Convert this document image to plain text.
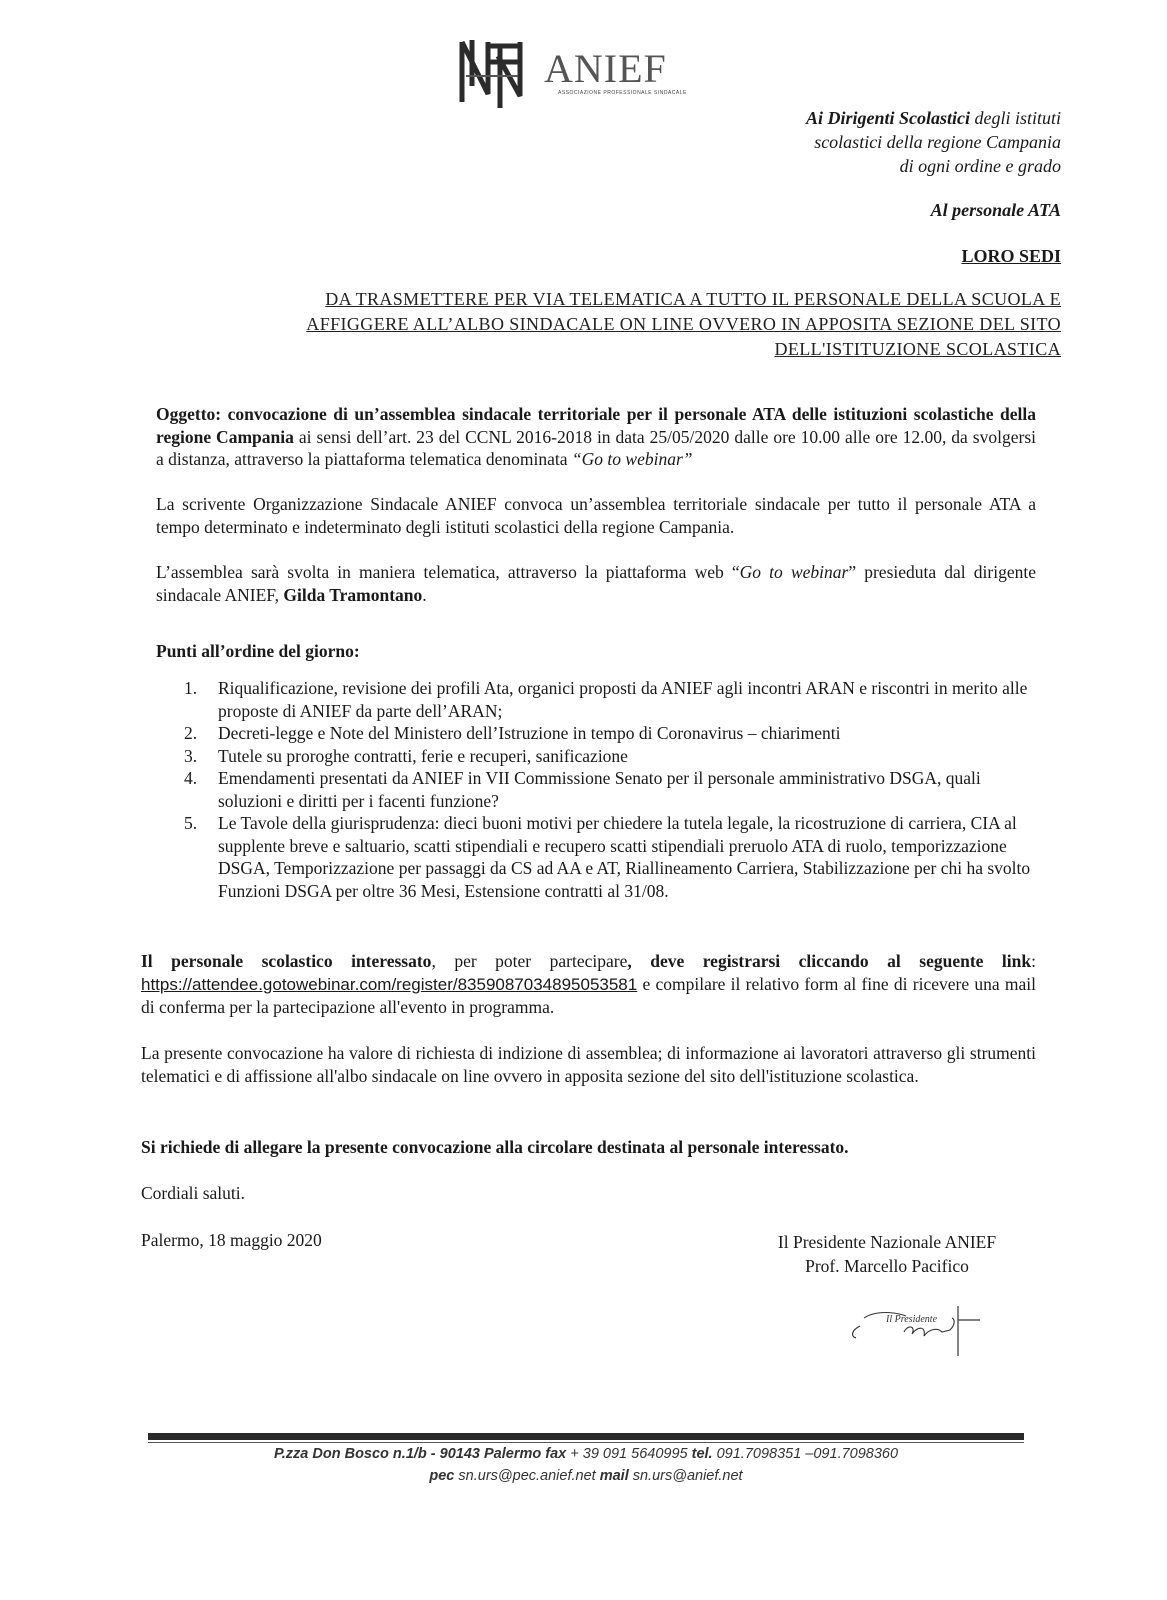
ANIEF
ASSOCIAZIONE PROFESSIONALE SINDACALE
Ai Dirigenti Scolastici degli istituti
scolastici della regione Campania
di ogni ordine e grado
Al personale ATA
LORO SEDI
DA TRASMETTERE PER VIA TELEMATICA A TUTTO IL PERSONALE DELLA SCUOLA E
AFFIGGERE ALL’ALBO SINDACALE ON LINE OVVERO IN APPOSITA SEZIONE DEL SITO
DELL'ISTITUZIONE SCOLASTICA
Oggetto: convocazione di un’assemblea sindacale territoriale per il personale ATA delle istituzioni scolastiche della regione Campania ai sensi dell’art. 23 del CCNL 2016-2018 in data 25/05/2020 dalle ore 10.00 alle ore 12.00, da svolgersi a distanza, attraverso la piattaforma telematica denominata “Go to webinar”
La scrivente Organizzazione Sindacale ANIEF convoca un’assemblea territoriale sindacale per tutto il personale ATA a tempo determinato e indeterminato degli istituti scolastici della regione Campania.
L’assemblea sarà svolta in maniera telematica, attraverso la piattaforma web “Go to webinar” presieduta dal dirigente sindacale ANIEF, Gilda Tramontano.
Punti all’ordine del giorno:
1. Riqualificazione, revisione dei profili Ata, organici proposti da ANIEF agli incontri ARAN e riscontri in merito alle proposte di ANIEF da parte dell’ARAN;
2. Decreti-legge e Note del Ministero dell’Istruzione in tempo di Coronavirus – chiarimenti
3. Tutele su proroghe contratti, ferie e recuperi, sanificazione
4. Emendamenti presentati da ANIEF in VII Commissione Senato per il personale amministrativo DSGA, quali soluzioni e diritti per i facenti funzione?
5. Le Tavole della giurisprudenza: dieci buoni motivi per chiedere la tutela legale, la ricostruzione di carriera, CIA al supplente breve e saltuario, scatti stipendiali e recupero scatti stipendiali preruolo ATA di ruolo, temporizzazione DSGA, Temporizzazione per passaggi da CS ad AA e AT, Riallineamento Carriera, Stabilizzazione per chi ha svolto Funzioni DSGA per oltre 36 Mesi, Estensione contratti al 31/08.
Il personale scolastico interessato, per poter partecipare, deve registrarsi cliccando al seguente link: https://attendee.gotowebinar.com/register/8359087034895053581 e compilare il relativo form al fine di ricevere una mail di conferma per la partecipazione all'evento in programma.
La presente convocazione ha valore di richiesta di indizione di assemblea; di informazione ai lavoratori attraverso gli strumenti telematici e di affissione all'albo sindacale on line ovvero in apposita sezione del sito dell'istituzione scolastica.
Si richiede di allegare la presente convocazione alla circolare destinata al personale interessato.
Cordiali saluti.
Palermo, 18 maggio 2020	Il Presidente Nazionale ANIEF
Prof. Marcello Pacifico
Il Presidente
P.zza Don Bosco n.1/b - 90143 Palermo fax + 39 091 5640995 tel. 091.7098351 –091.7098360
pec sn.urs@pec.anief.net mail sn.urs@anief.net
